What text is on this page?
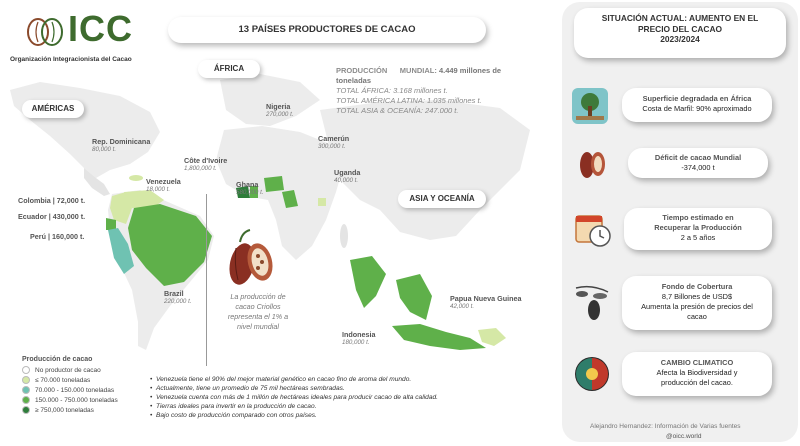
ICC
Organización Integracionista del Cacao
13 PAÍSES PRODUCTORES DE CACAO
AMÉRICAS
ÁFRICA
ASIA Y OCEANÍA
PRODUCCIÓN MUNDIAL: 4.449 millones de
toneladas
TOTAL ÁFRICA: 3.168 millones t.
TOTAL AMÉRICA LATINA: 1.035 millones t.
TOTAL ASIA & OCEANÍA: 247.000 t.
Rep. Dominicana
80,000 t.
Venezuela
18,000 t.
Colombia | 72,000 t.
Ecuador | 430,000 t.
Perú | 160,000 t.
Brazil
220,000 t.
Nigeria
270,000 t.
Côte d'Ivoire
1,800,000 t.
Camerún
300,000 t.
Ghana
580,000 t.
Uganda
40,000 t.
Papua Nueva Guinea
42,000 t.
Indonesia
180,000 t.
La producción de
cacao Criollos
representa el 1% a
nivel mundial
Producción de cacao
No productor de cacao
≤ 70.000 toneladas
70.000 - 150.000 toneladas
150.000 - 750.000 toneladas
≥ 750,000 toneladas
•  Venezuela tiene el 90% del mejor material genético en cacao fino de aroma del mundo.
•  Actualmente, tiene un promedio de 75 mil hectáreas sembradas.
•  Venezuela cuenta con más de 1 millón de hectáreas ideales para producir cacao de alta calidad.
•  Tierras ideales para invertir en la producción de cacao.
•  Bajo costo de producción comparado con otros países.
SITUACIÓN ACTUAL: AUMENTO EN EL
PRECIO DEL CACAO
2023/2024
Superficie degradada en África
Costa de Marfil: 90% aproximado
Déficit de cacao Mundial
-374,000 t
Tiempo estimado en
Recuperar la Producción
2 a 5 años
Fondo de Cobertura
8,7 Billones de USD$
Aumenta la presión de precios del
cacao
CAMBIO CLIMATICO
Afecta la Biodiversidad y
producción del cacao.
Alejandro Hernandez: Información de Varias fuentes
@oicc.world
